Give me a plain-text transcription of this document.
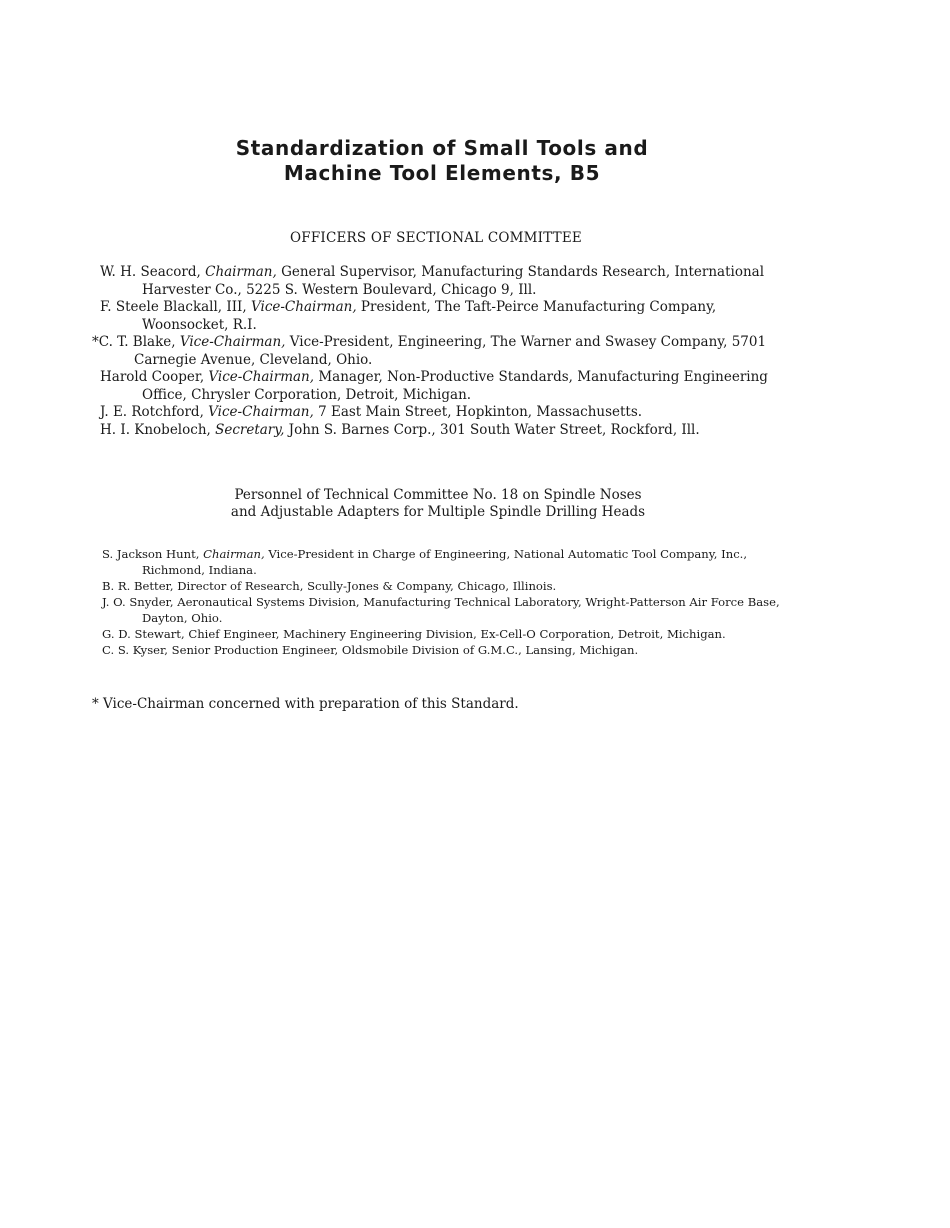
Standardization of Small Tools and
Machine Tool Elements, B5
OFFICERS OF SECTIONAL COMMITTEE

W. H. Seacord, Chairman, General Supervisor, Manufacturing Standards Research, International Harvester Co., 5225 S. Western Boulevard, Chicago 9, Ill.

F. Steele Blackall, III, Vice-Chairman, President, The Taft-Peirce Manufacturing Company, Woonsocket, R.I.

*C. T. Blake, Vice-Chairman, Vice-President, Engineering, The Warner and Swasey Company, 5701 Carnegie Avenue, Cleveland, Ohio.

Harold Cooper, Vice-Chairman, Manager, Non-Productive Standards, Manufacturing Engineering Office, Chrysler Corporation, Detroit, Michigan.

J. E. Rotchford, Vice-Chairman, 7 East Main Street, Hopkinton, Massachusetts.

H. I. Knobeloch, Secretary, John S. Barnes Corp., 301 South Water Street, Rockford, Ill.

Personnel of Technical Committee No. 18 on Spindle Noses
and Adjustable Adapters for Multiple Spindle Drilling Heads

S. Jackson Hunt, Chairman, Vice-President in Charge of Engineering, National Automatic Tool Company, Inc., Richmond, Indiana.

B. R. Better, Director of Research, Scully-Jones & Company, Chicago, Illinois.

J. O. Snyder, Aeronautical Systems Division, Manufacturing Technical Laboratory, Wright-Patterson Air Force Base, Dayton, Ohio.

G. D. Stewart, Chief Engineer, Machinery Engineering Division, Ex-Cell-O Corporation, Detroit, Michigan.

C. S. Kyser, Senior Production Engineer, Oldsmobile Division of G.M.C., Lansing, Michigan.

* Vice-Chairman concerned with preparation of this Standard.
